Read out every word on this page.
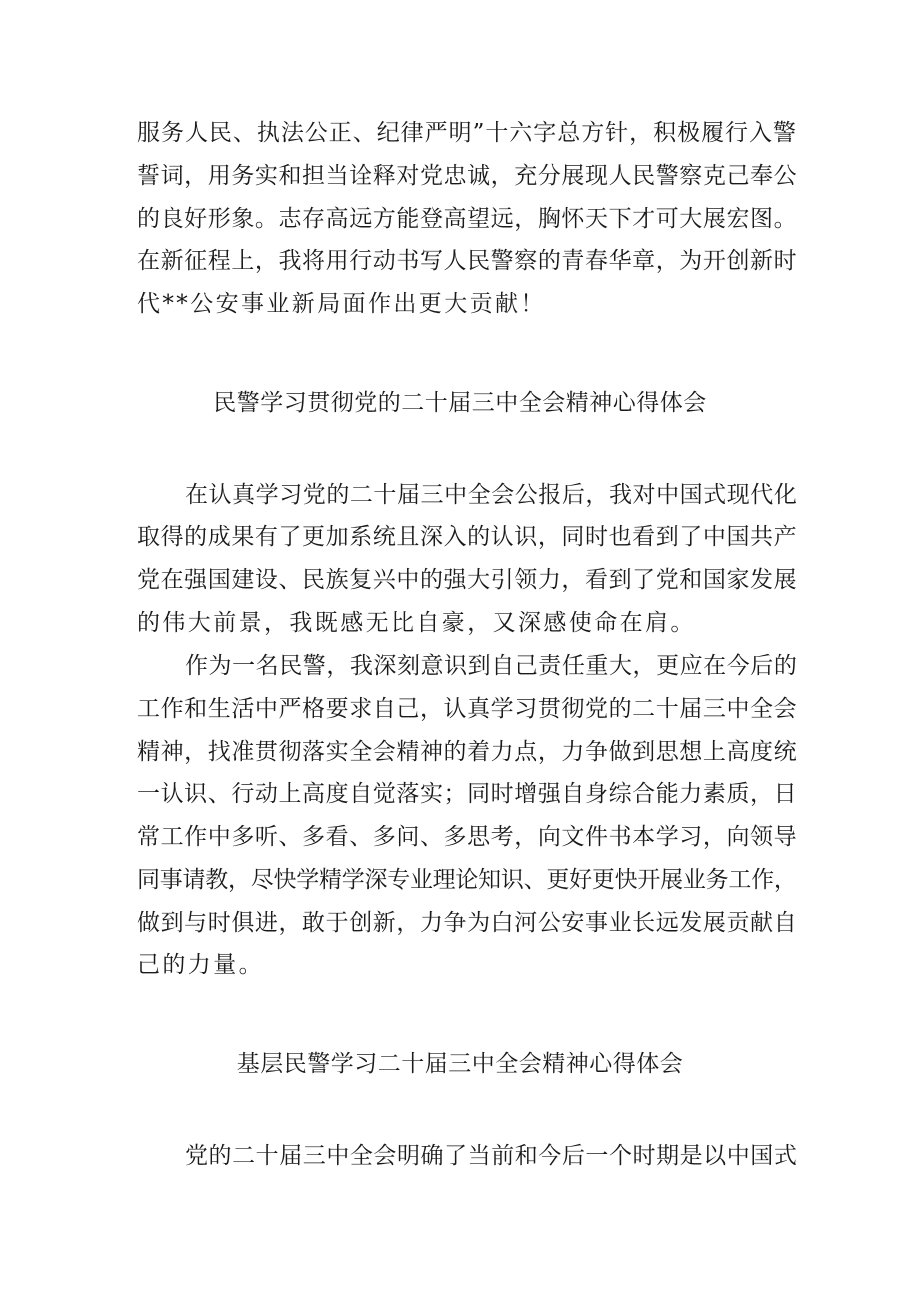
服务人民、执法公正、纪律严明”十六字总方针，积极履行入警
誓词，用务实和担当诠释对党忠诚，充分展现人民警察克己奉公
的良好形象。志存高远方能登高望远，胸怀天下才可大展宏图。
在新征程上，我将用行动书写人民警察的青春华章，为开创新时
代**公安事业新局面作出更大贡献！
民警学习贯彻党的二十届三中全会精神心得体会
在认真学习党的二十届三中全会公报后，我对中国式现代化
取得的成果有了更加系统且深入的认识，同时也看到了中国共产
党在强国建设、民族复兴中的强大引领力，看到了党和国家发展
的伟大前景，我既感无比自豪，又深感使命在肩。
作为一名民警，我深刻意识到自己责任重大，更应在今后的
工作和生活中严格要求自己，认真学习贯彻党的二十届三中全会
精神，找准贯彻落实全会精神的着力点，力争做到思想上高度统
一认识、行动上高度自觉落实；同时增强自身综合能力素质，日
常工作中多听、多看、多问、多思考，向文件书本学习，向领导
同事请教，尽快学精学深专业理论知识、更好更快开展业务工作，
做到与时俱进，敢于创新，力争为白河公安事业长远发展贡献自
己的力量。
基层民警学习二十届三中全会精神心得体会
党的二十届三中全会明确了当前和今后一个时期是以中国式
